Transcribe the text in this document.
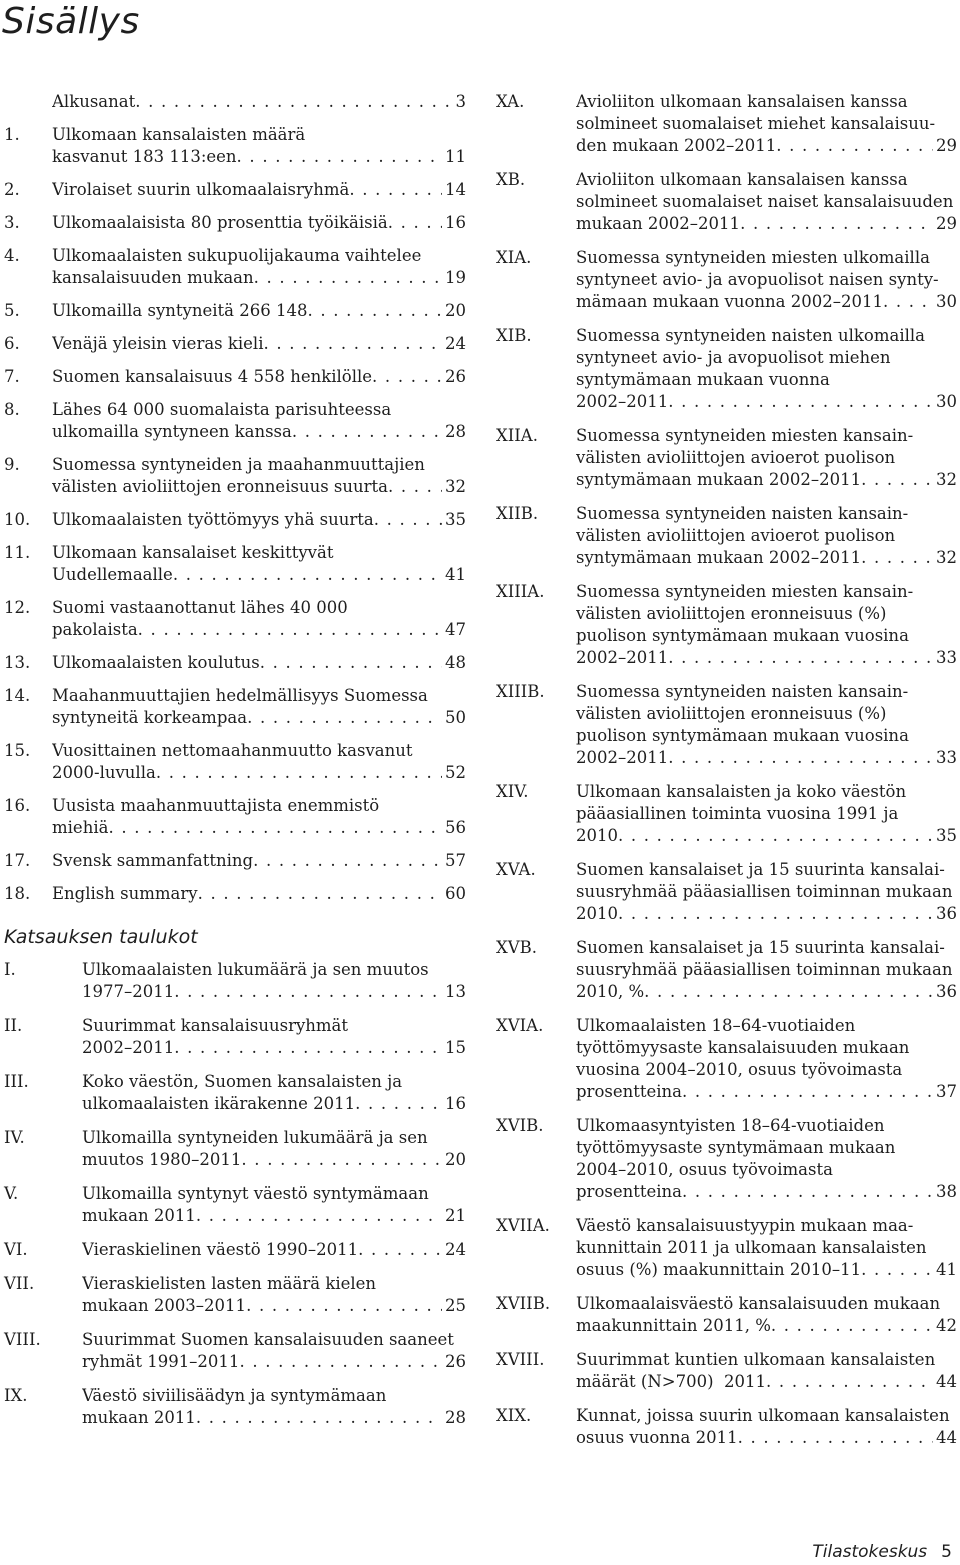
Sisällys
Alkusanat . . .	3
1.	Ulkomaan kansalaisten määrä
kasvanut 183 113:een . . .	11
2.	Virolaiset suurin ulkomaalaisryhmä . . .	14
3.	Ulkomaalaisista 80 prosenttia työikäisiä . . .	16
4.	Ulkomaalaisten sukupuolijakauma vaihtelee
kansalaisuuden mukaan . . .	19
5.	Ulkomailla syntyneitä 266 148 . . .	20
6.	Venäjä yleisin vieras kieli . . .	24
7.	Suomen kansalaisuus 4 558 henkilölle . . .	26
8.	Lähes 64 000 suomalaista parisuhteessa
ulkomailla syntyneen kanssa . . .	28
9.	Suomessa syntyneiden ja maahanmuuttajien
välisten avioliittojen eronneisuus suurta . . .	32
10.	Ulkomaalaisten työttömyys yhä suurta . . .	35
11.	Ulkomaan kansalaiset keskittyvät
Uudellemaalle . . .	41
12.	Suomi vastaanottanut lähes 40 000
pakolaista . . .	47
13.	Ulkomaalaisten koulutus . . .	48
14.	Maahanmuuttajien hedelmällisyys Suomessa
syntyneitä korkeampaa . . .	50
15.	Vuosittainen nettomaahanmuutto kasvanut
2000-luvulla . . .	52
16.	Uusista maahanmuuttajista enemmistö
miehiä . . .	56
17.	Svensk sammanfattning . . .	57
18.	English summary . . .	60
Katsauksen taulukot
I.	Ulkomaalaisten lukumäärä ja sen muutos
1977–2011 . . .	13
II.	Suurimmat kansalaisuusryhmät
2002–2011 . . .	15
III.	Koko väestön, Suomen kansalaisten ja
ulkomaalaisten ikärakenne 2011 . . .	16
IV.	Ulkomailla syntyneiden lukumäärä ja sen
muutos 1980–2011 . . .	20
V.	Ulkomailla syntynyt väestö syntymämaan
mukaan 2011 . . .	21
VI.	Vieraskielinen väestö 1990–2011 . . .	24
VII.	Vieraskielisten lasten määrä kielen
mukaan 2003–2011 . . .	25
VIII.	Suurimmat Suomen kansalaisuuden saaneet
ryhmät 1991–2011 . . .	26
IX.	Väestö siviilisäädyn ja syntymämaan
mukaan 2011 . . .	28
XA.	Avioliiton ulkomaan kansalaisen kanssa
solmineet suomalaiset miehet kansalaisuu-
den mukaan 2002–2011 . . .	29
XB.	Avioliiton ulkomaan kansalaisen kanssa
solmineet suomalaiset naiset kansalaisuuden
mukaan 2002–2011 . . .	29
XIA.	Suomessa syntyneiden miesten ulkomailla
syntyneet avio- ja avopuolisot naisen synty-
mämaan mukaan vuonna 2002–2011 . . .	30
XIB.	Suomessa syntyneiden naisten ulkomailla
syntyneet avio- ja avopuolisot miehen
syntymämaan mukaan vuonna
2002–2011 . . .	30
XIIA.	Suomessa syntyneiden miesten kansain-
välisten avioliittojen avioerot puolison
syntymämaan mukaan 2002–2011 . . .	32
XIIB.	Suomessa syntyneiden naisten kansain-
välisten avioliittojen avioerot puolison
syntymämaan mukaan 2002–2011 . . .	32
XIIIA.	Suomessa syntyneiden miesten kansain-
välisten avioliittojen eronneisuus (%)
puolison syntymämaan mukaan vuosina
2002–2011 . . .	33
XIIIB.	Suomessa syntyneiden naisten kansain-
välisten avioliittojen eronneisuus (%)
puolison syntymämaan mukaan vuosina
2002–2011 . . .	33
XIV.	Ulkomaan kansalaisten ja koko väestön
pääasiallinen toiminta vuosina 1991 ja
2010 . . .	35
XVA.	Suomen kansalaiset ja 15 suurinta kansalai-
suusryhmää pääasiallisen toiminnan mukaan
2010 . . .	36
XVB.	Suomen kansalaiset ja 15 suurinta kansalai-
suusryhmää pääasiallisen toiminnan mukaan
2010, % . . .	36
XVIA.	Ulkomaalaisten 18–64-vuotiaiden
työttömyysaste kansalaisuuden mukaan
vuosina 2004–2010, osuus työvoimasta
prosentteina . . .	37
XVIB.	Ulkomaasyntyisten 18–64-vuotiaiden
työttömyysaste syntymämaan mukaan
2004–2010, osuus työvoimasta
prosentteina . . .	38
XVIIA.	Väestö kansalaisuustyypin mukaan maa-
kunnittain 2011 ja ulkomaan kansalaisten
osuus (%) maakunnittain 2010–11 . . .	41
XVIIB.	Ulkomaalaisväestö kansalaisuuden mukaan
maakunnittain 2011, % . . .	42
XVIII.	Suurimmat kuntien ulkomaan kansalaisten
määrät (N>700)  2011 . . .	44
XIX.	Kunnat, joissa suurin ulkomaan kansalaisten
osuus vuonna 2011 . . .	44
Tilastokeskus 5
